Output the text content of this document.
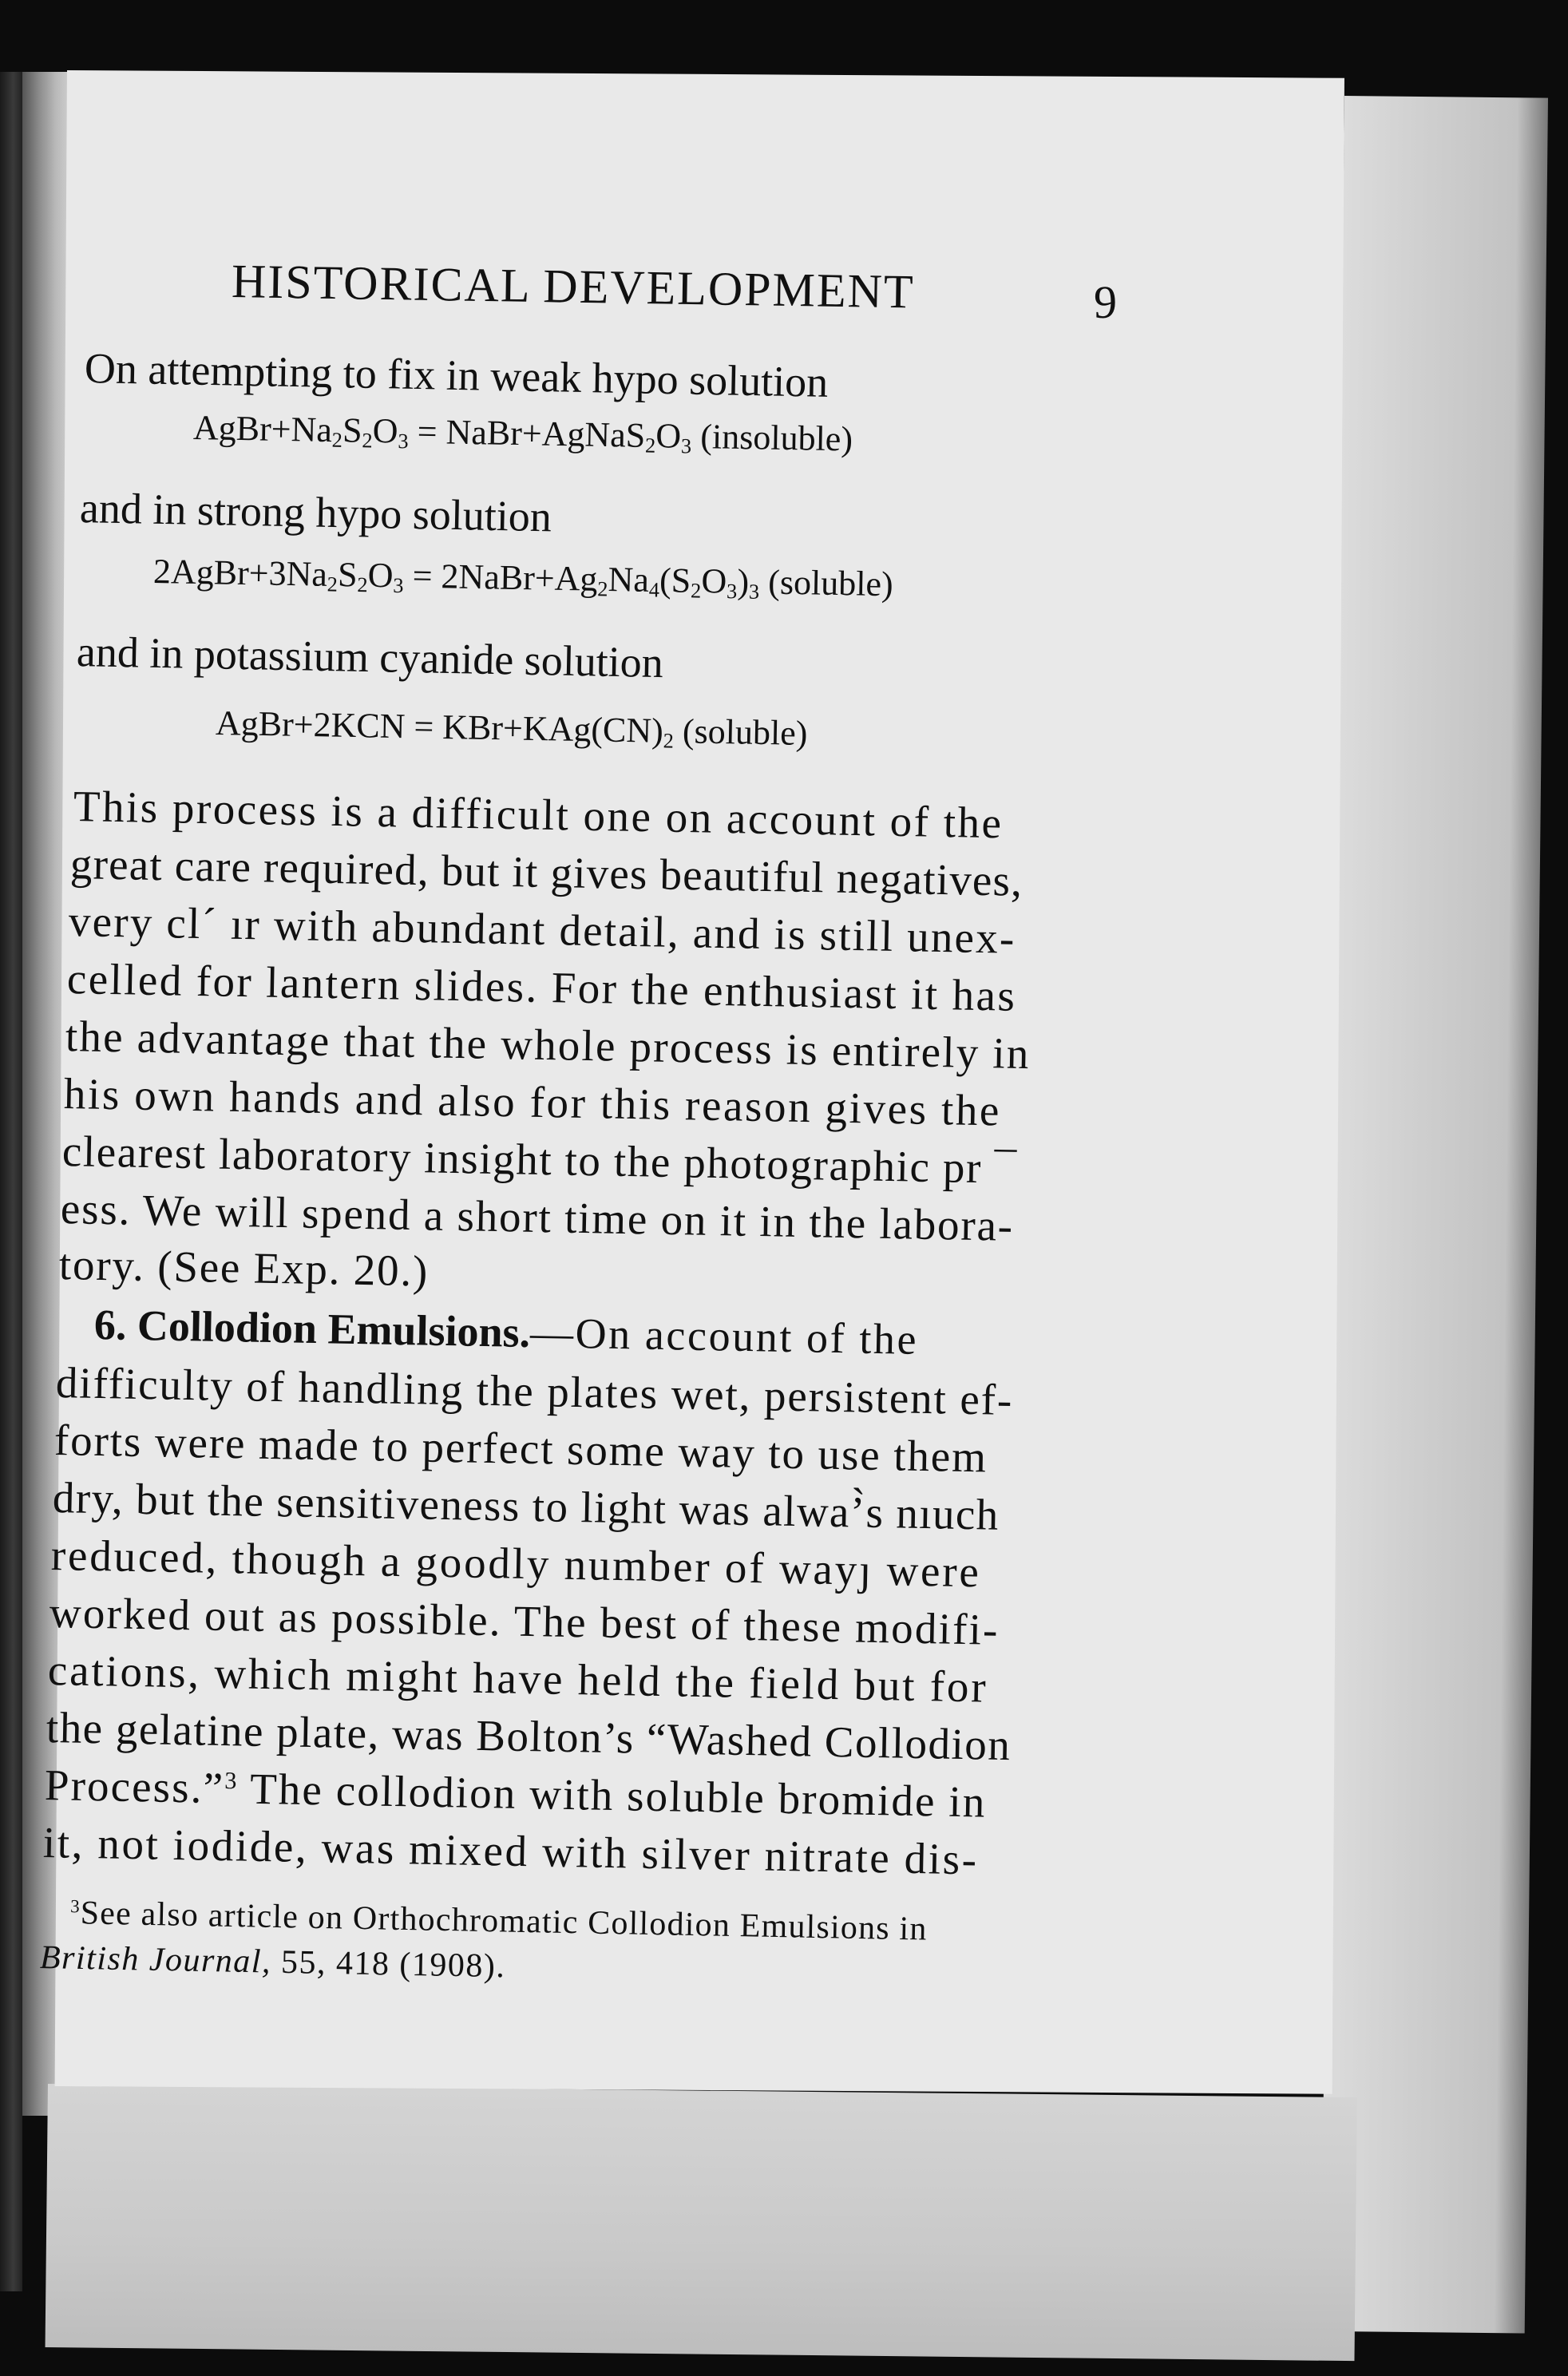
HISTORICAL DEVELOPMENT	9
On attempting to fix in weak hypo solution
$AgBr+Na_2S_2O_3$ = $NaBr+AgNaS_2O_3$ (insoluble)
and in strong hypo solution
$2AgBr+3Na_2S_2O_3$ = $2NaBr+Ag_2Na_4(S_2O_3)_3$ (soluble)
and in potassium cyanide solution
AgBr+2KCN = $KBr+KAg(CN)_2$ (soluble)
This process is a difficult one on account of the
great care required, but it gives beautiful negatives,
very cl´ ır with abundant detail, and is still unex-
celled for lantern slides. For the enthusiast it has
the advantage that the whole process is entirely in
his own hands and also for this reason gives the
clearest laboratory insight to the photographic pr ¯
ess. We will spend a short time on it in the labora-
tory. (See Exp. 20.)
6. Collodion Emulsions.—On account of the
difficulty of handling the plates wet, persistent ef-
forts were made to perfect some way to use them
dry, but the sensitiveness to light was alwaʼ̀s nıuch
reduced, though a goodly number of wayȷ were
worked out as possible. The best of these modifi-
cations, which might have held the field but for
the gelatine plate, was Bolton’s “Washed Collodion
Process.”$^3$ The collodion with soluble bromide in
it, not iodide, was mixed with silver nitrate dis-
$^3$See also article on Orthochromatic Collodion Emulsions in
British Journal, 55, 418 (1908).
